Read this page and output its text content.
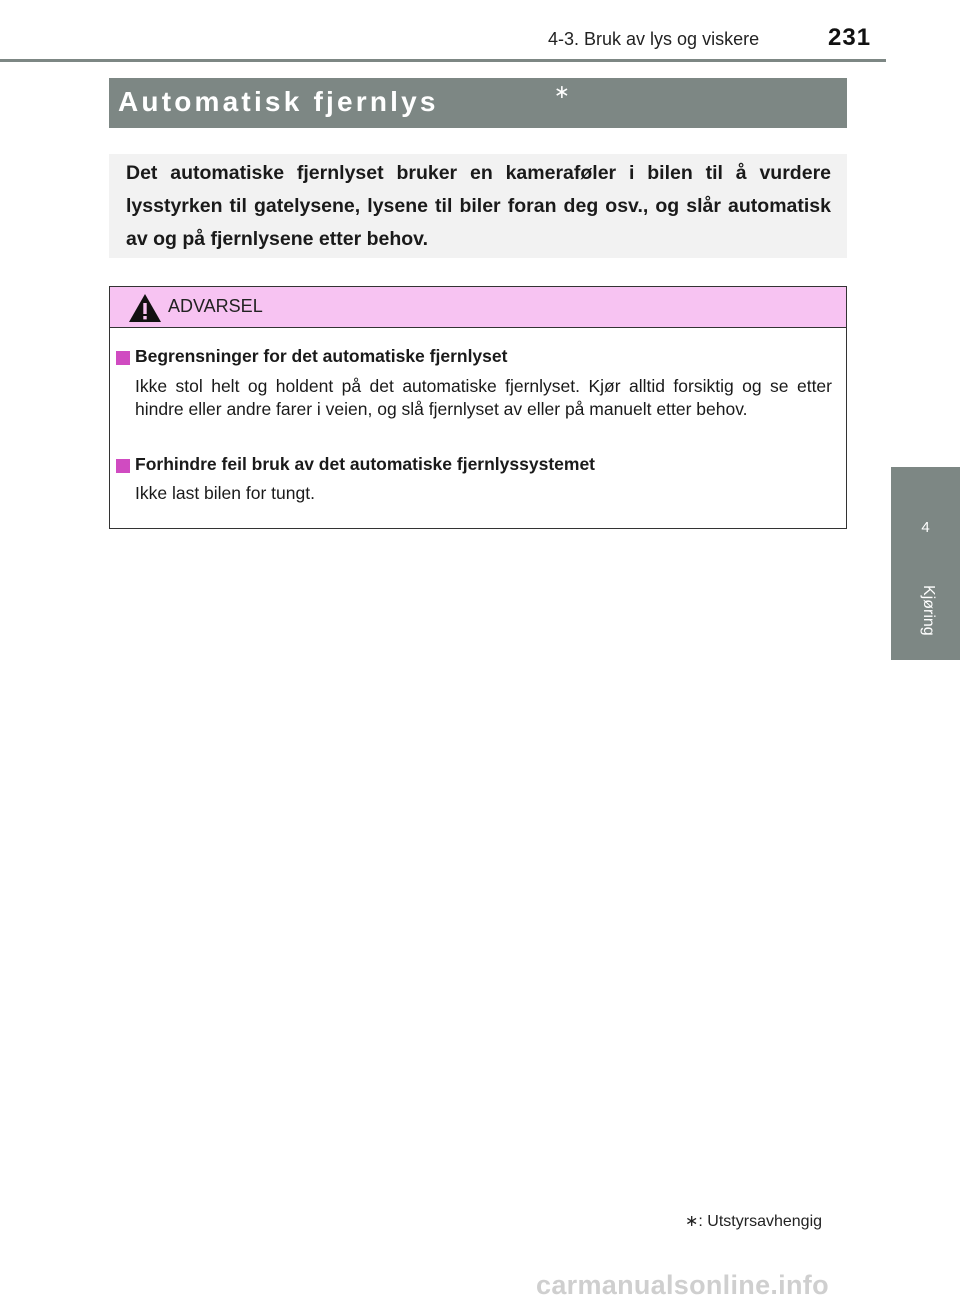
4-3. Bruk av lys og viskere	231
4
Kjøring
Automatisk fjernlys	∗
Det automatiske fjernlyset bruker en kameraføler i bilen til å vurdere lysstyrken til gatelysene, lysene til biler foran deg osv., og slår automatisk av og på fjernlysene etter behov.
ADVARSEL
Begrensninger for det automatiske fjernlyset
Ikke stol helt og holdent på det automatiske fjernlyset. Kjør alltid forsiktig og se etter hindre eller andre farer i veien, og slå fjernlyset av eller på manuelt etter behov.
Forhindre feil bruk av det automatiske fjernlyssystemet
Ikke last bilen for tungt.
∗: Utstyrsavhengig
carmanualsonline.info
